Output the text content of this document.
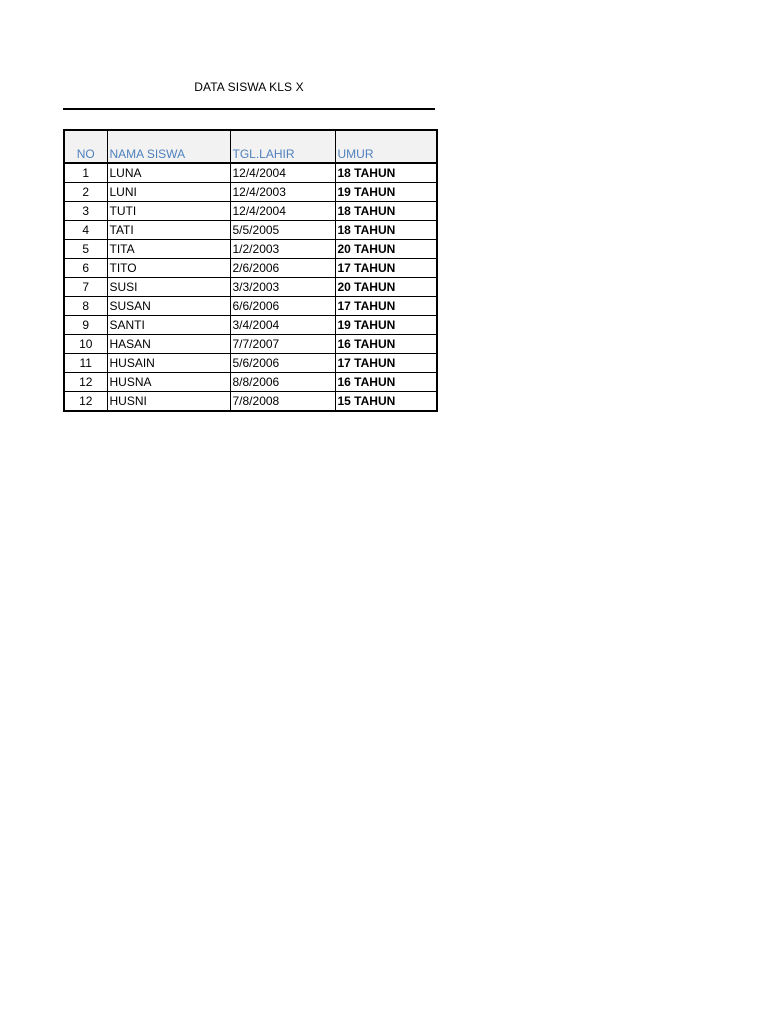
DATA SISWA KLS X
NO	NAMA SISWA	TGL.LAHIR	UMUR
1	LUNA	12/4/2004	18 TAHUN
2	LUNI	12/4/2003	19 TAHUN
3	TUTI	12/4/2004	18 TAHUN
4	TATI	5/5/2005	18 TAHUN
5	TITA	1/2/2003	20 TAHUN
6	TITO	2/6/2006	17 TAHUN
7	SUSI	3/3/2003	20 TAHUN
8	SUSAN	6/6/2006	17 TAHUN
9	SANTI	3/4/2004	19 TAHUN
10	HASAN	7/7/2007	16 TAHUN
11	HUSAIN	5/6/2006	17 TAHUN
12	HUSNA	8/8/2006	16 TAHUN
12	HUSNI	7/8/2008	15 TAHUN
